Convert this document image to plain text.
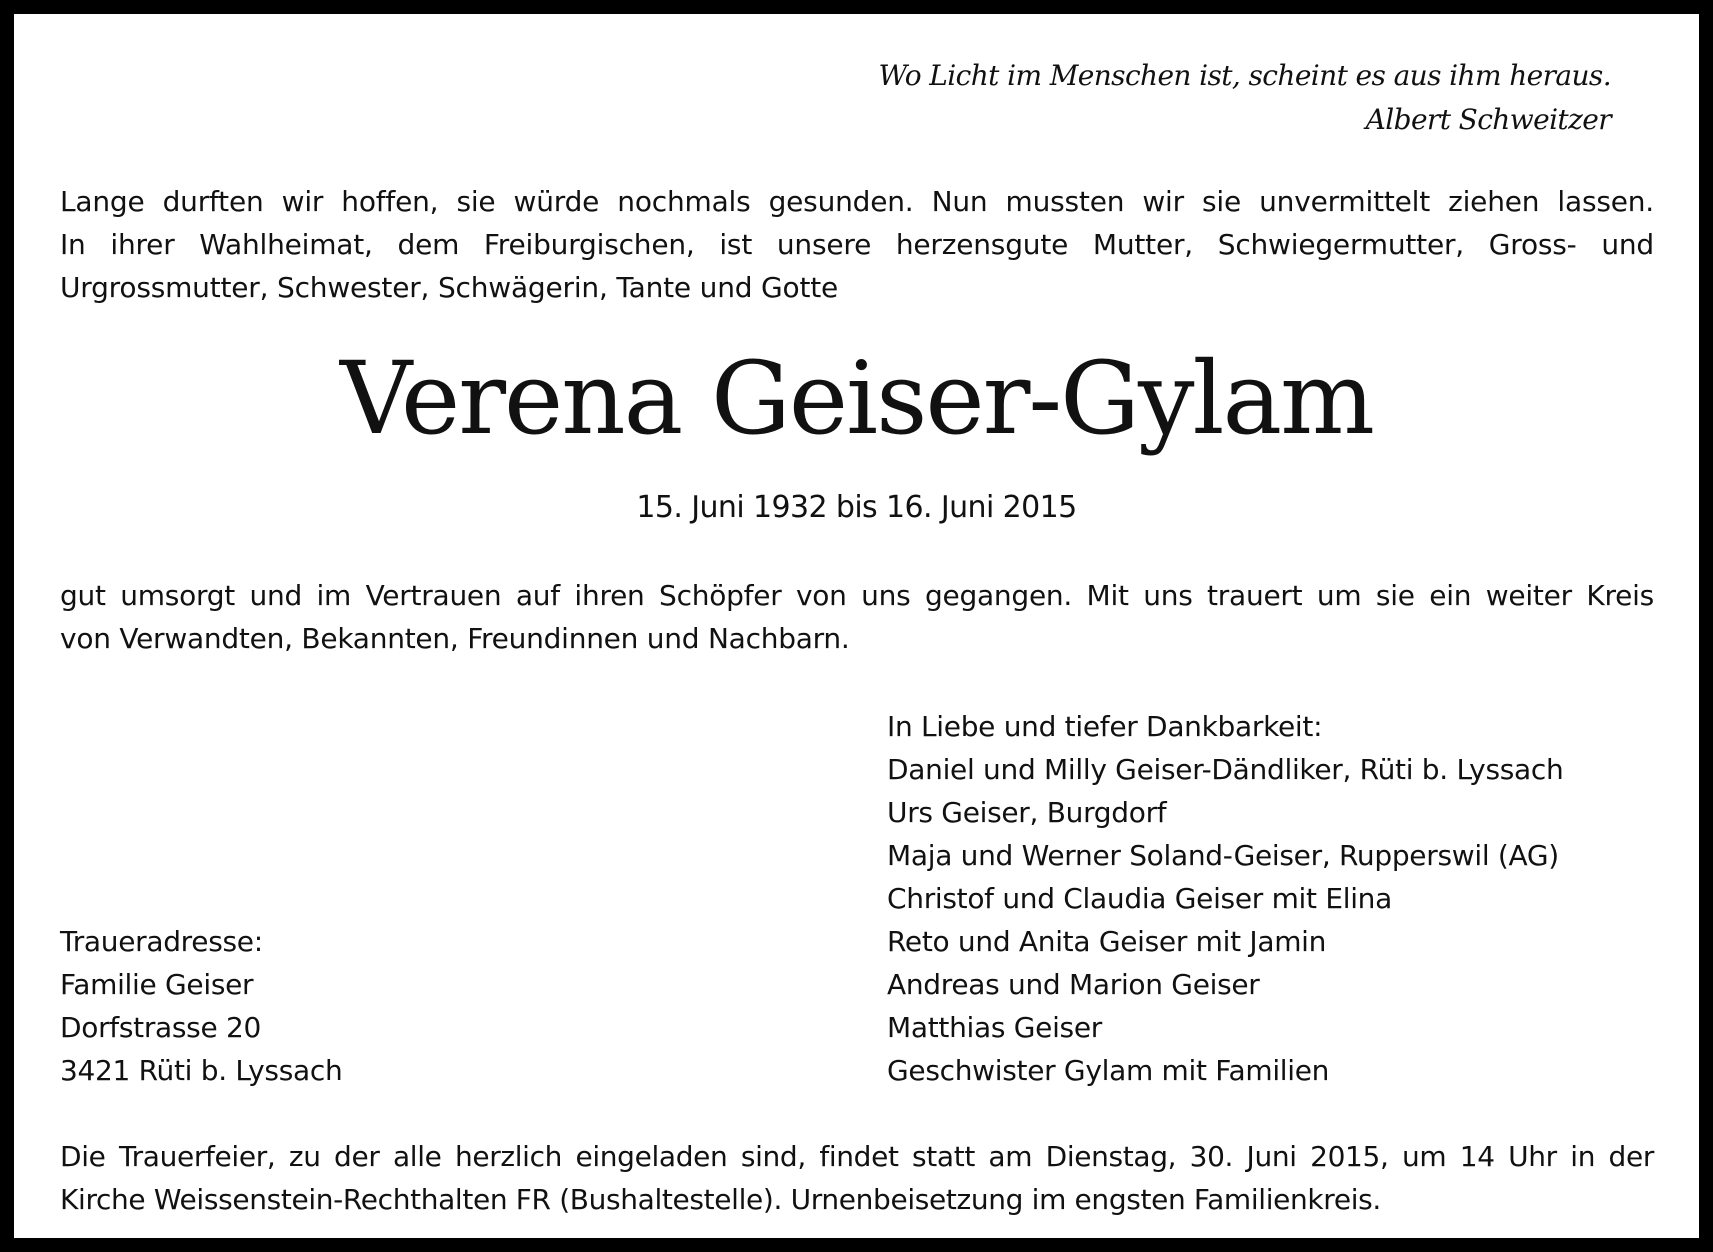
Wo Licht im Menschen ist, scheint es aus ihm heraus.
Albert Schweitzer
Lange durften wir hoffen, sie würde nochmals gesunden. Nun mussten wir sie unvermittelt ziehen lassen.
In ihrer Wahlheimat, dem Freiburgischen, ist unsere herzensgute Mutter, Schwiegermutter, Gross- und
Urgrossmutter, Schwester, Schwägerin, Tante und Gotte
Verena Geiser-Gylam
15. Juni 1932 bis 16. Juni 2015
gut umsorgt und im Vertrauen auf ihren Schöpfer von uns gegangen. Mit uns trauert um sie ein weiter Kreis
von Verwandten, Bekannten, Freundinnen und Nachbarn.
In Liebe und tiefer Dankbarkeit:
Daniel und Milly Geiser-Dändliker, Rüti b. Lyssach
Urs Geiser, Burgdorf
Maja und Werner Soland-Geiser, Rupperswil (AG)
Christof und Claudia Geiser mit Elina
Reto und Anita Geiser mit Jamin
Andreas und Marion Geiser
Matthias Geiser
Geschwister Gylam mit Familien
Traueradresse:
Familie Geiser
Dorfstrasse 20
3421 Rüti b. Lyssach
Die Trauerfeier, zu der alle herzlich eingeladen sind, findet statt am Dienstag, 30. Juni 2015, um 14 Uhr in der
Kirche Weissenstein-Rechthalten FR (Bushaltestelle). Urnenbeisetzung im engsten Familienkreis.
